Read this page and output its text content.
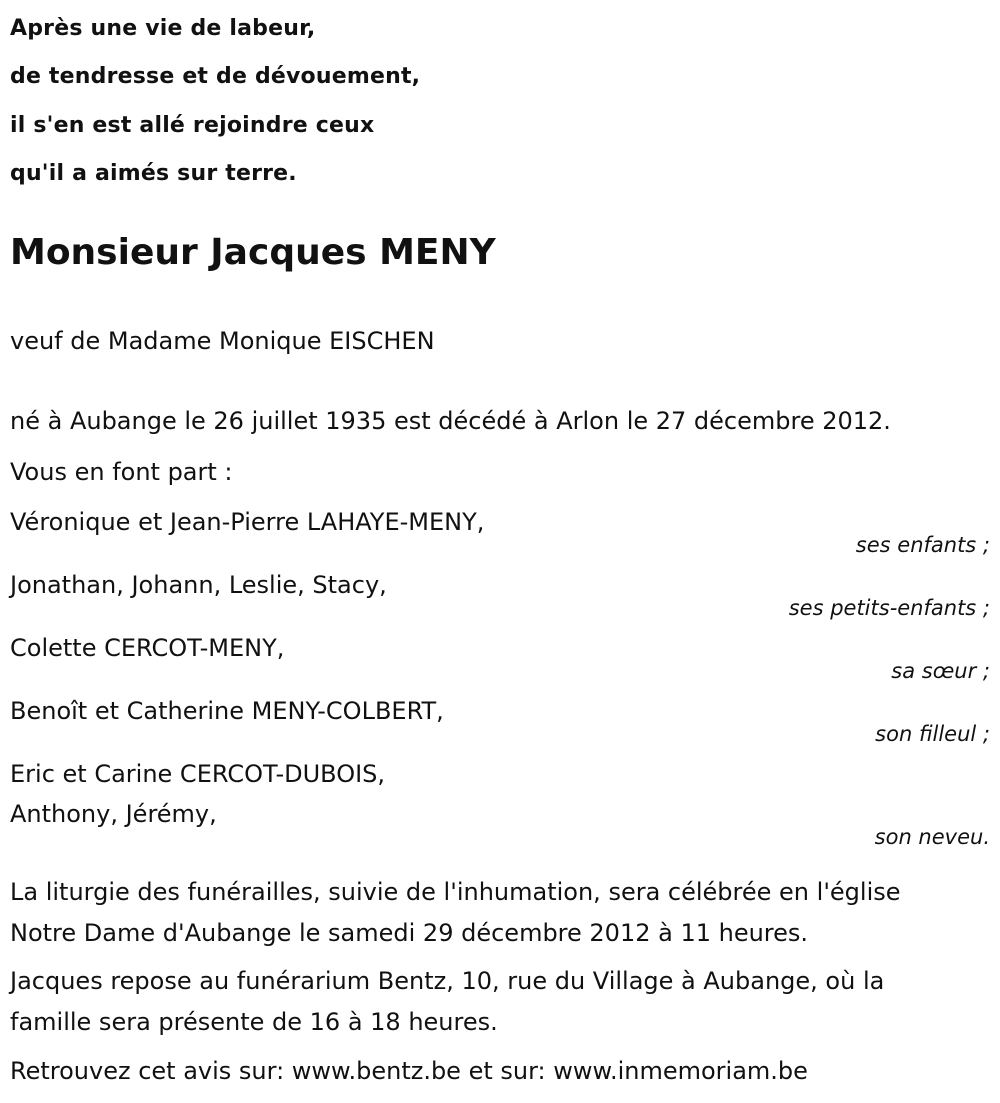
Après une vie de labeur,
de tendresse et de dévouement,
il s'en est allé rejoindre ceux
qu'il a aimés sur terre.
Monsieur Jacques MENY
veuf de Madame Monique EISCHEN
né à Aubange le 26 juillet 1935 est décédé à Arlon le 27 décembre 2012.
Vous en font part :
Véronique et Jean-Pierre LAHAYE-MENY,
ses enfants ;
Jonathan, Johann, Leslie, Stacy,
ses petits-enfants ;
Colette CERCOT-MENY,
sa sœur ;
Benoît et Catherine MENY-COLBERT,
son filleul ;
Eric et Carine CERCOT-DUBOIS,
Anthony, Jérémy,
son neveu.
La liturgie des funérailles, suivie de l'inhumation, sera célébrée en l'église
Notre Dame d'Aubange le samedi 29 décembre 2012 à 11 heures.
Jacques repose au funérarium Bentz, 10, rue du Village à Aubange, où la
famille sera présente de 16 à 18 heures.
Retrouvez cet avis sur: www.bentz.be et sur: www.inmemoriam.be
